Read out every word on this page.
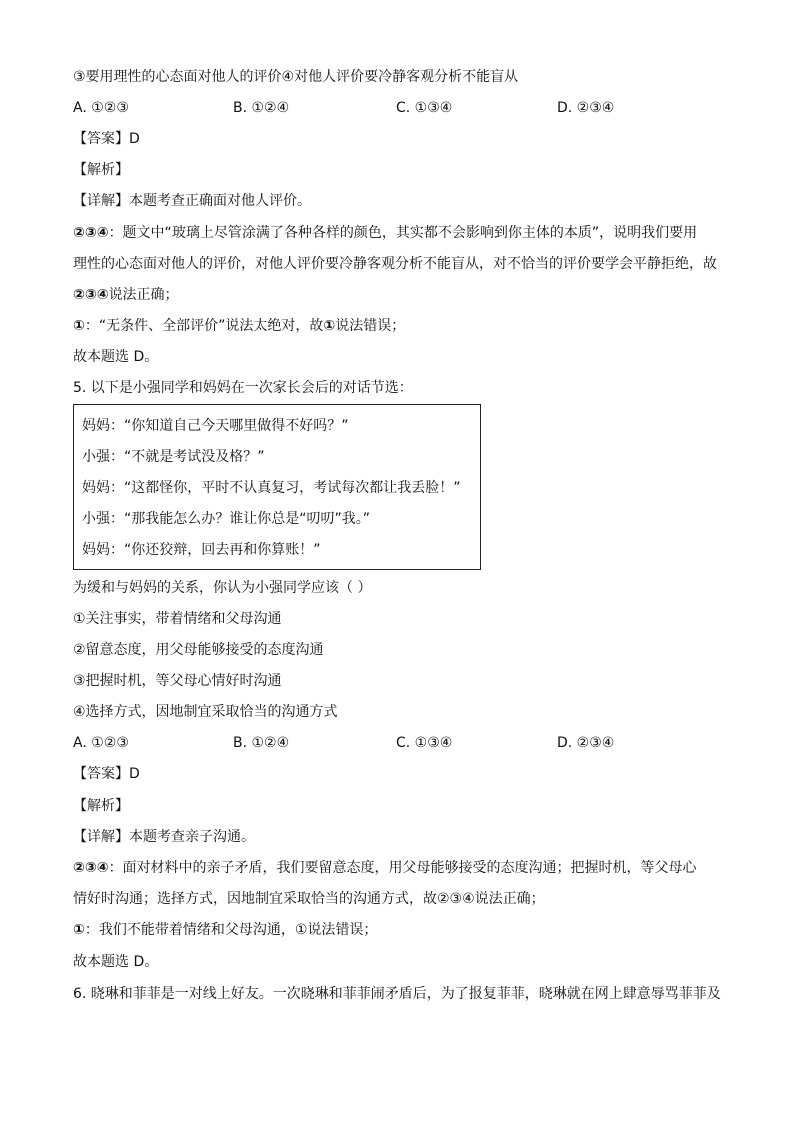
③要用理性的心态面对他人的评价④对他人评价要冷静客观分析不能盲从
A. ①②③	B. ①②④	C. ①③④	D. ②③④
【答案】D
【解析】
【详解】本题考查正确面对他人评价。
②③④：题文中“玻璃上尽管涂满了各种各样的颜色，其实都不会影响到你主体的本质”，说明我们要用
理性的心态面对他人的评价，对他人评价要冷静客观分析不能盲从，对不恰当的评价要学会平静拒绝，故
②③④说法正确；
①：“无条件、全部评价”说法太绝对，故①说法错误；
故本题选 D。
5. 以下是小强同学和妈妈在一次家长会后的对话节选：
妈妈：“你知道自己今天哪里做得不好吗？”
小强：“不就是考试没及格？”
妈妈：“这都怪你，平时不认真复习，考试每次都让我丢脸！”
小强：“那我能怎么办？谁让你总是“叨叨”我。”
妈妈：“你还狡辩，回去再和你算账！”
为缓和与妈妈的关系，你认为小强同学应该（ ）
①关注事实，带着情绪和父母沟通
②留意态度，用父母能够接受的态度沟通
③把握时机，等父母心情好时沟通
④选择方式，因地制宜采取恰当的沟通方式
A. ①②③	B. ①②④	C. ①③④	D. ②③④
【答案】D
【解析】
【详解】本题考查亲子沟通。
②③④：面对材料中的亲子矛盾，我们要留意态度，用父母能够接受的态度沟通；把握时机，等父母心
情好时沟通；选择方式，因地制宜采取恰当的沟通方式，故②③④说法正确；
①：我们不能带着情绪和父母沟通，①说法错误；
故本题选 D。
6. 晓琳和菲菲是一对线上好友。一次晓琳和菲菲闹矛盾后，为了报复菲菲，晓琳就在网上肆意辱骂菲菲及
